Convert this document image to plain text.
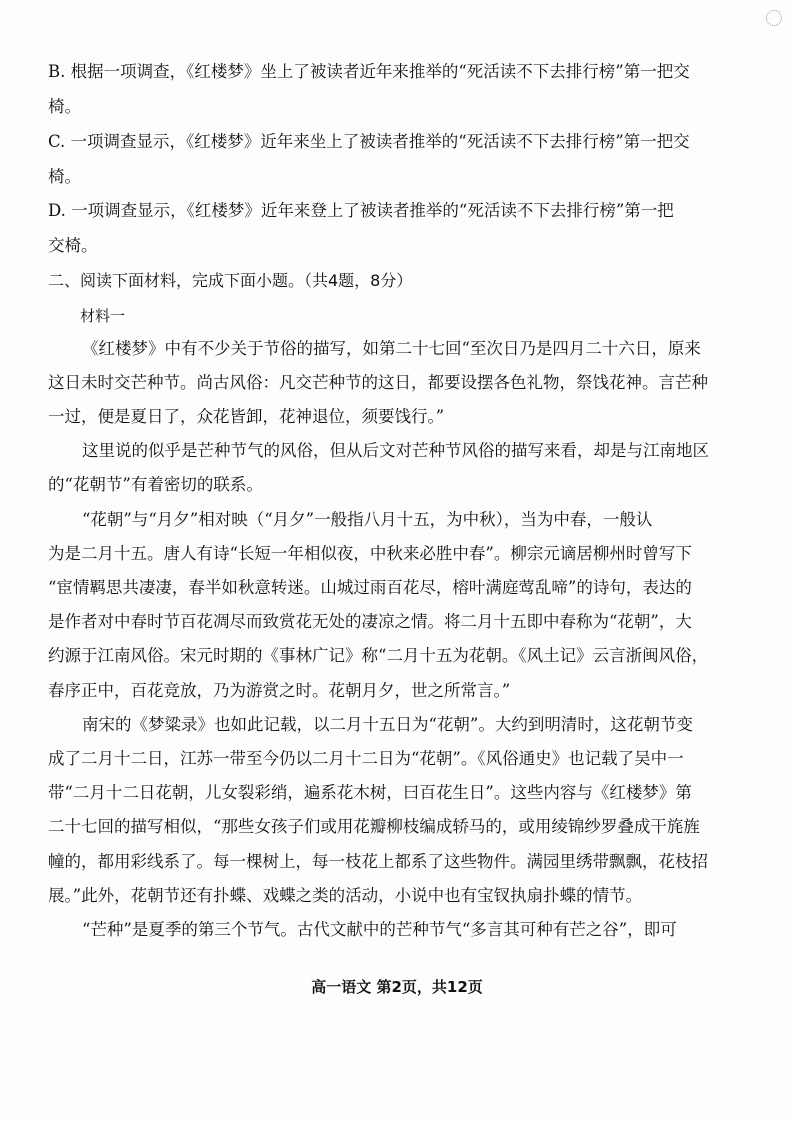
B. 根据一项调查，《红楼梦》坐上了被读者近年来推举的“死活读不下去排行榜”第一把交
椅。
C. 一项调查显示，《红楼梦》近年来坐上了被读者推举的“死活读不下去排行榜”第一把交
椅。
D. 一项调查显示，《红楼梦》近年来登上了被读者推举的“死活读不下去排行榜”第一把
交椅。
二、阅读下面材料，完成下面小题。（共4题，8分）
材料一
《红楼梦》中有不少关于节俗的描写，如第二十七回“至次日乃是四月二十六日，原来
这日未时交芒种节。尚古风俗：凡交芒种节的这日，都要设摆各色礼物，祭饯花神。言芒种
一过，便是夏日了，众花皆卸，花神退位，须要饯行。”
这里说的似乎是芒种节气的风俗，但从后文对芒种节风俗的描写来看，却是与江南地区
的“花朝节”有着密切的联系。
“花朝”与“月夕”相对映（“月夕”一般指八月十五，为中秋），当为中春，一般认
为是二月十五。唐人有诗“长短一年相似夜，中秋来必胜中春”。柳宗元谪居柳州时曾写下
“宦情羁思共凄凄，春半如秋意转迷。山城过雨百花尽，榕叶满庭莺乱啼”的诗句，表达的
是作者对中春时节百花凋尽而致赏花无处的凄凉之情。将二月十五即中春称为“花朝”，大
约源于江南风俗。宋元时期的《事林广记》称“二月十五为花朝。《风土记》云言浙闽风俗，
春序正中，百花竞放，乃为游赏之时。花朝月夕，世之所常言。”
南宋的《梦粱录》也如此记载，以二月十五日为“花朝”。大约到明清时，这花朝节变
成了二月十二日，江苏一带至今仍以二月十二日为“花朝”。《风俗通史》也记载了吴中一
带“二月十二日花朝，儿女裂彩绡，遍系花木树，曰百花生日”。这些内容与《红楼梦》第
二十七回的描写相似，“那些女孩子们或用花瓣柳枝编成轿马的，或用绫锦纱罗叠成干旄旌
幢的，都用彩线系了。每一棵树上，每一枝花上都系了这些物件。满园里绣带飘飘，花枝招
展。”此外，花朝节还有扑蝶、戏蝶之类的活动，小说中也有宝钗执扇扑蝶的情节。
“芒种”是夏季的第三个节气。古代文献中的芒种节气“多言其可种有芒之谷”，即可
高一语文 第2页，共12页
